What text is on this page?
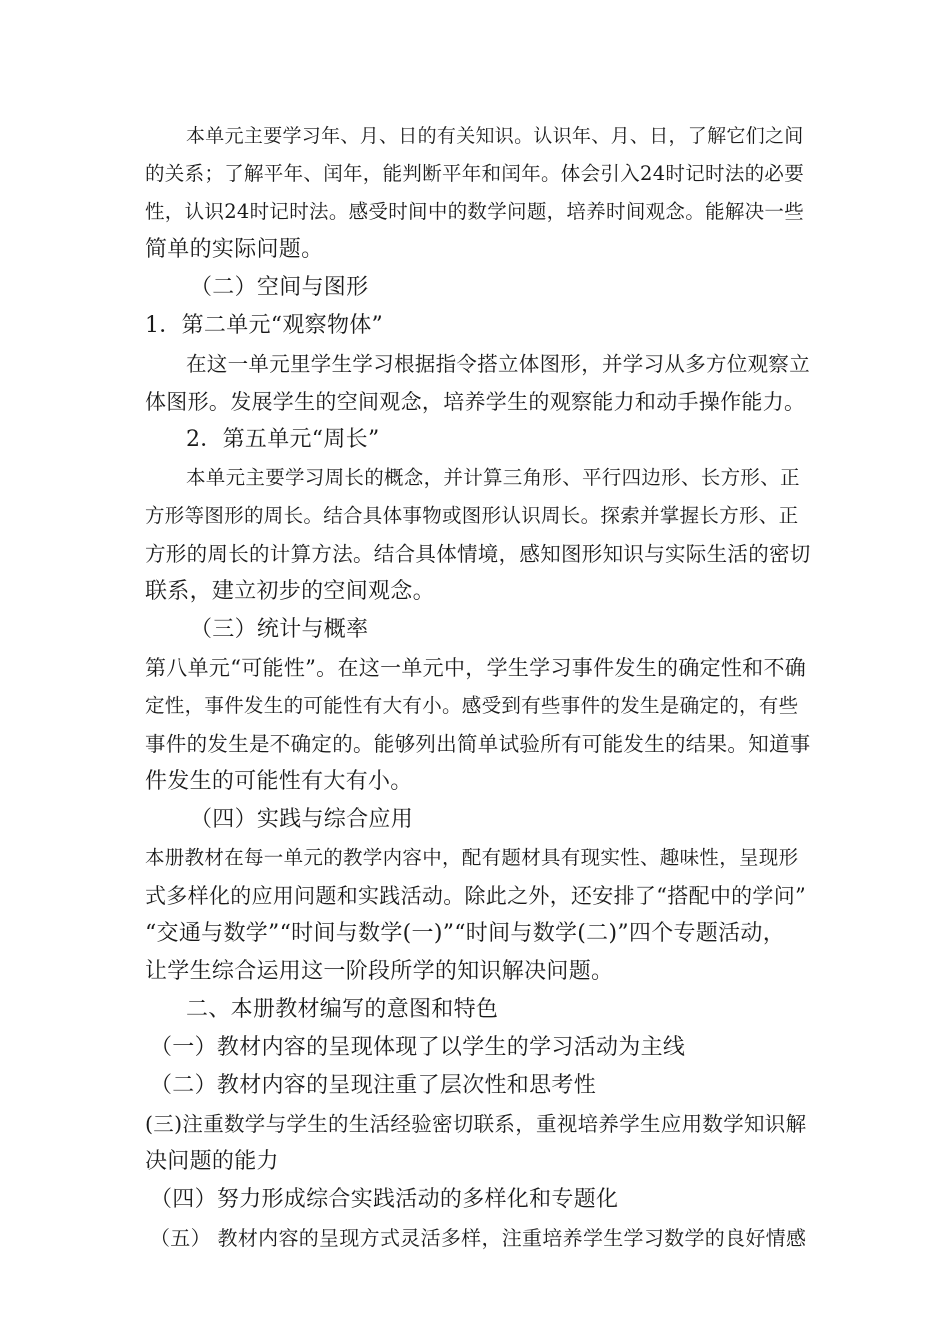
本单元主要学习年、月、日的有关知识。认识年、月、日，了解它们之间
的关系；了解平年、闰年，能判断平年和闰年。体会引入24时记时法的必要
性，认识24时记时法。感受时间中的数学问题，培养时间观念。能解决一些
简单的实际问题。
（二）空间与图形
1．第二单元“观察物体”
在这一单元里学生学习根据指令搭立体图形，并学习从多方位观察立
体图形。发展学生的空间观念，培养学生的观察能力和动手操作能力。
2．第五单元“周长”
本单元主要学习周长的概念，并计算三角形、平行四边形、长方形、正
方形等图形的周长。结合具体事物或图形认识周长。探索并掌握长方形、正
方形的周长的计算方法。结合具体情境，感知图形知识与实际生活的密切
联系，建立初步的空间观念。
（三）统计与概率
第八单元“可能性”。在这一单元中，学生学习事件发生的确定性和不确
定性，事件发生的可能性有大有小。感受到有些事件的发生是确定的，有些
事件的发生是不确定的。能够列出简单试验所有可能发生的结果。知道事
件发生的可能性有大有小。
（四）实践与综合应用
本册教材在每一单元的教学内容中，配有题材具有现实性、趣味性，呈现形
式多样化的应用问题和实践活动。除此之外，还安排了“搭配中的学问”
“交通与数学”“时间与数学(一)”“时间与数学(二)”四个专题活动，
让学生综合运用这一阶段所学的知识解决问题。
二、本册教材编写的意图和特色
（一）教材内容的呈现体现了以学生的学习活动为主线
（二）教材内容的呈现注重了层次性和思考性
(三)注重数学与学生的生活经验密切联系，重视培养学生应用数学知识解
决问题的能力
（四）努力形成综合实践活动的多样化和专题化
（五） 教材内容的呈现方式灵活多样，注重培养学生学习数学的良好情感
